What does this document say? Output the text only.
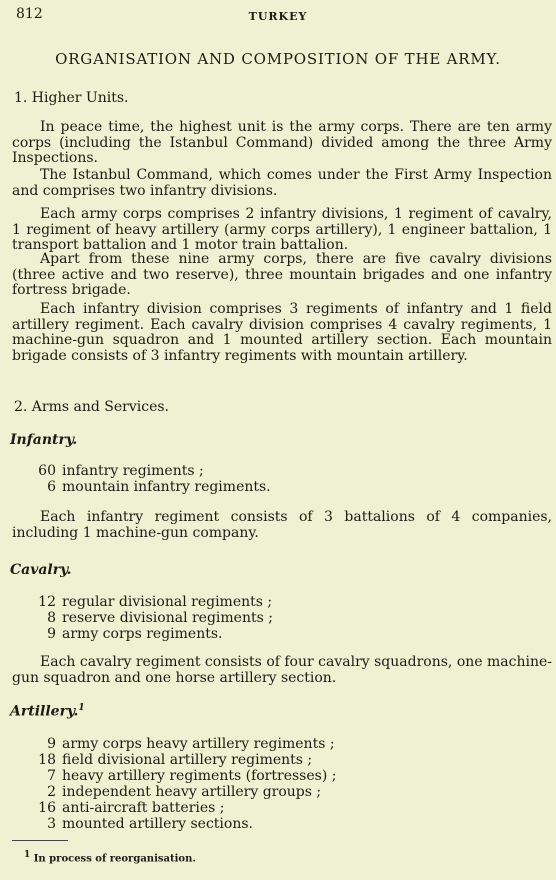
812	TURKEY
ORGANISATION AND COMPOSITION OF THE ARMY.
1. Higher Units.

In peace time, the highest unit is the army corps. There are ten army corps (including the Istanbul Command) divided among the three Army Inspections.

The Istanbul Command, which comes under the First Army Inspection and comprises two infantry divisions.

Each army corps comprises 2 infantry divisions, 1 regiment of cavalry, 1 regiment of heavy artillery (army corps artillery), 1 engineer battalion, 1 transport battalion and 1 motor train battalion.

Apart from these nine army corps, there are five cavalry divisions (three active and two reserve), three mountain brigades and one infantry fortress brigade.

Each infantry division comprises 3 regiments of infantry and 1 field artillery regiment. Each cavalry division comprises 4 cavalry regiments, 1 machine-gun squadron and 1 mounted artillery section. Each mountain brigade consists of 3 infantry regiments with mountain artillery.

2. Arms and Services.
Infantry.
60 infantry regiments ;
6 mountain infantry regiments.

Each infantry regiment consists of 3 battalions of 4 companies, including 1 machine-gun company.

Cavalry.
12 regular divisional regiments ;
8 reserve divisional regiments ;
9 army corps regiments.

Each cavalry regiment consists of four cavalry squadrons, one machine-gun squadron and one horse artillery section.

Artillery.$^1$
9 army corps heavy artillery regiments ;
18 field divisional artillery regiments ;
7 heavy artillery regiments (fortresses) ;
2 independent heavy artillery groups ;
16 anti-aircraft batteries ;
3 mounted artillery sections.
$^1$ In process of reorganisation.
